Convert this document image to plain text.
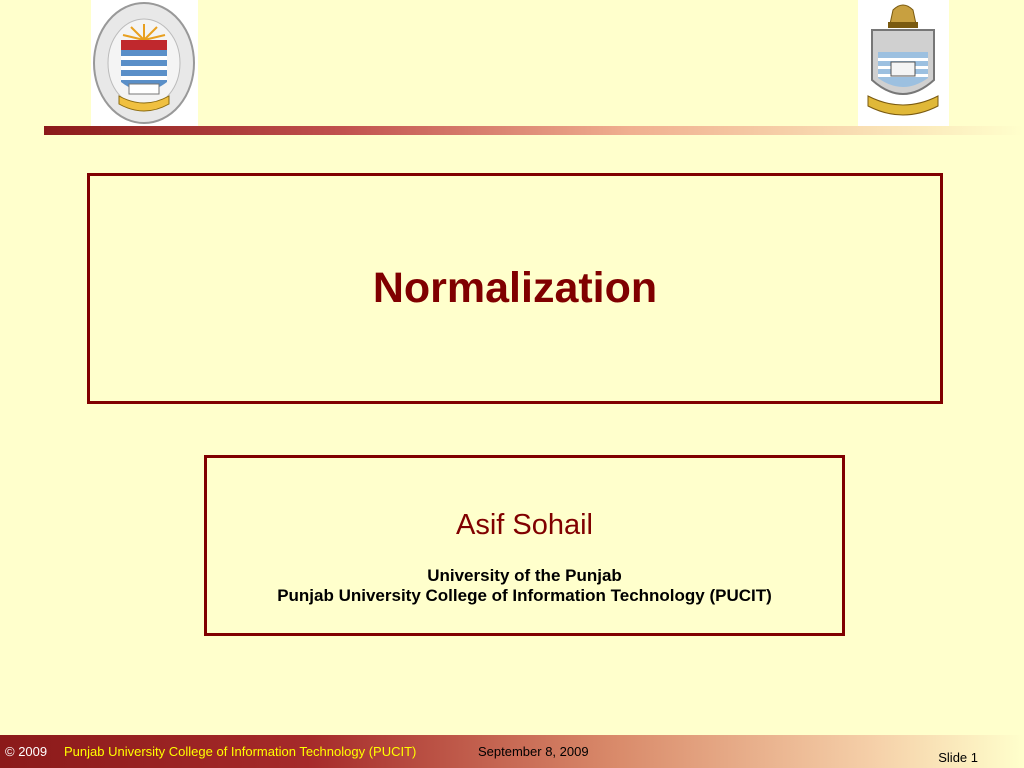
Normalization
Asif Sohail
University of the Punjab
Punjab University College of Information Technology (PUCIT)
© 2009 Punjab University College of Information Technology (PUCIT)	September 8, 2009	Slide 1
